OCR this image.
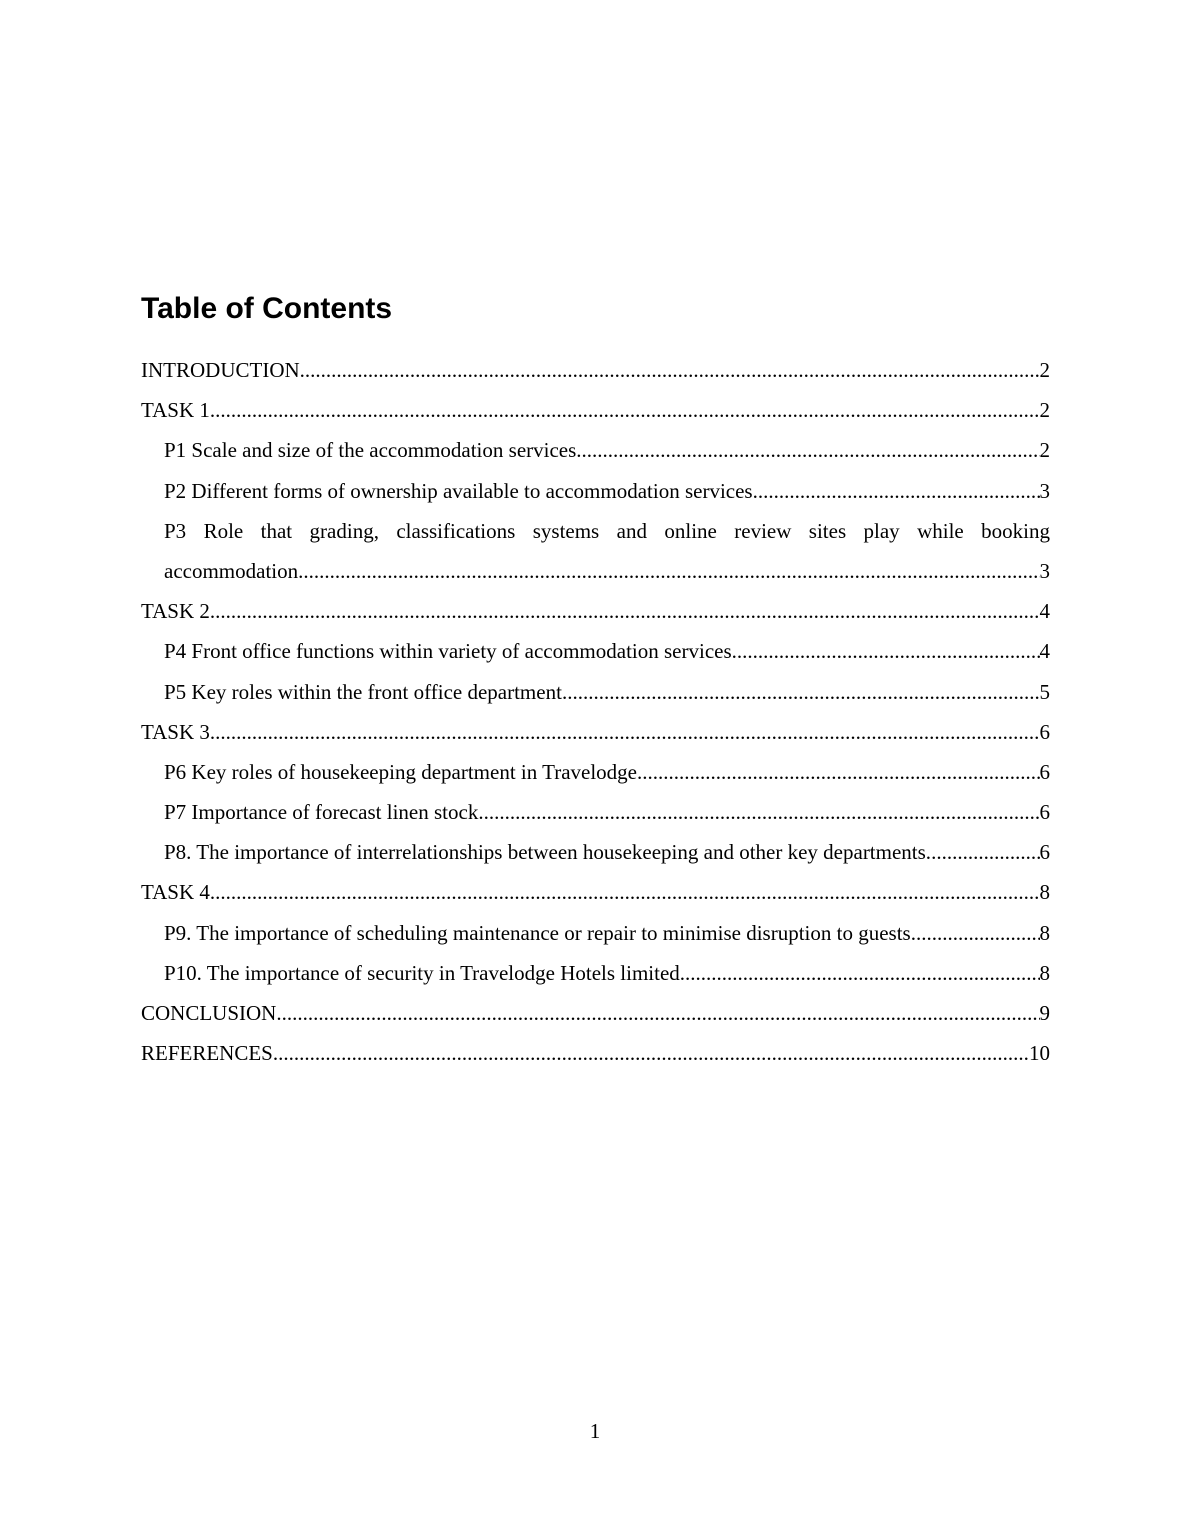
Table of Contents
INTRODUCTION .....	2
TASK 1 .....	2
P1 Scale and size of the accommodation services .....	2
P2 Different forms of ownership available to accommodation services .....	3
P3 Role that grading, classifications systems and online review sites play while booking
accommodation .....	3
TASK 2 .....	4
P4 Front office functions within variety of accommodation services .....	4
P5 Key roles within the front office department .....	5
TASK 3 .....	6
P6 Key roles of housekeeping department in Travelodge .....	6
P7 Importance of forecast linen stock .....	6
P8. The importance of interrelationships between housekeeping and other key departments. .....	6
TASK 4 .....	8
P9. The importance of scheduling maintenance or repair to minimise disruption to guests. .....	8
P10. The importance of security in Travelodge Hotels limited .....	8
CONCLUSION .....	9
REFERENCES .....	10
1
